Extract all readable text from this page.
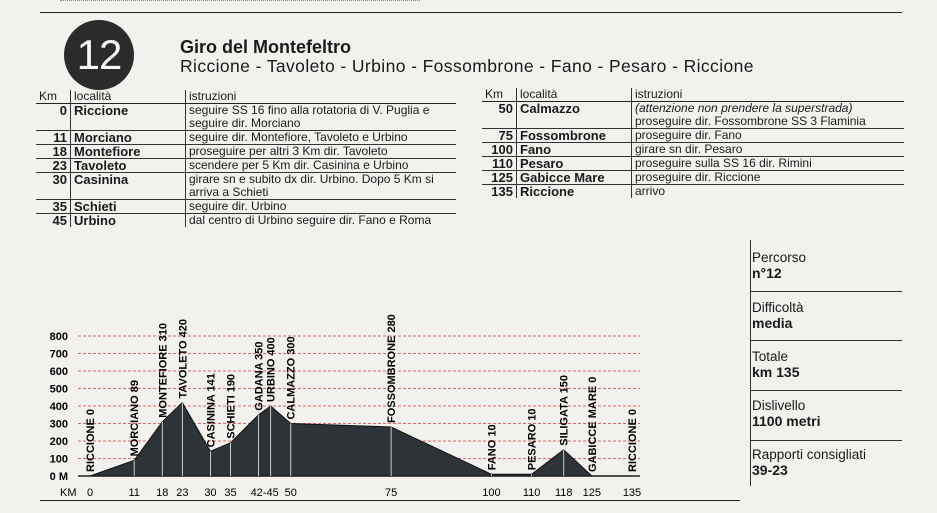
12	Giro del Montefeltro
Riccione - Tavoleto - Urbino - Fossombrone - Fano - Pesaro - Riccione
Km	località	istruzioni
0	Riccione	seguire SS 16 fino alla rotatoria di V. Puglia e seguire dir. Morciano

11	Morciano	seguire dir. Montefiore, Tavoleto e Urbino

18	Montefiore	proseguire per altri 3 Km dir. Tavoleto

23	Tavoleto	scendere per 5 Km dir. Casinina e Urbino

30	Casinina	girare sn e subito dx dir. Urbino. Dopo 5 Km si arriva a Schieti

35	Schieti	seguire dir. Urbino

45	Urbino	dal centro di Urbino seguire dir. Fano e Roma
Km	località	istruzioni
50	Calmazzo	(attenzione non prendere la superstrada)
proseguire dir. Fossombrone SS 3 Flaminia

75	Fossombrone	proseguire dir. Fano

100	Fano	girare sn dir. Pesaro

110	Pesaro	proseguire sulla SS 16 dir. Rimini

125	Gabicce Mare	proseguire dir. Riccione

135	Riccione	arrivo
Percorso
n°12
Difficoltà
media
Totale
km 135
Dislivello
1100 metri
Rapporti consigliati
39-23
0 M
100
200
300
400
500
600
700
800
RICCIONE 0	MORCIANO 89
MONTEFIORE 310 TAVOLETO 420
CASININA 141 SCHIETI 190 GADANA 350 URBINO 400 CALMAZZO 300	FOSSOMBRONE 280
FANO 10	PESARO 10 SILIGATA 150 GABICCE MARE 0	RICCIONE 0
KM 0	11 18 23 30 35 42-45 50	75	100 110 118 125 135
